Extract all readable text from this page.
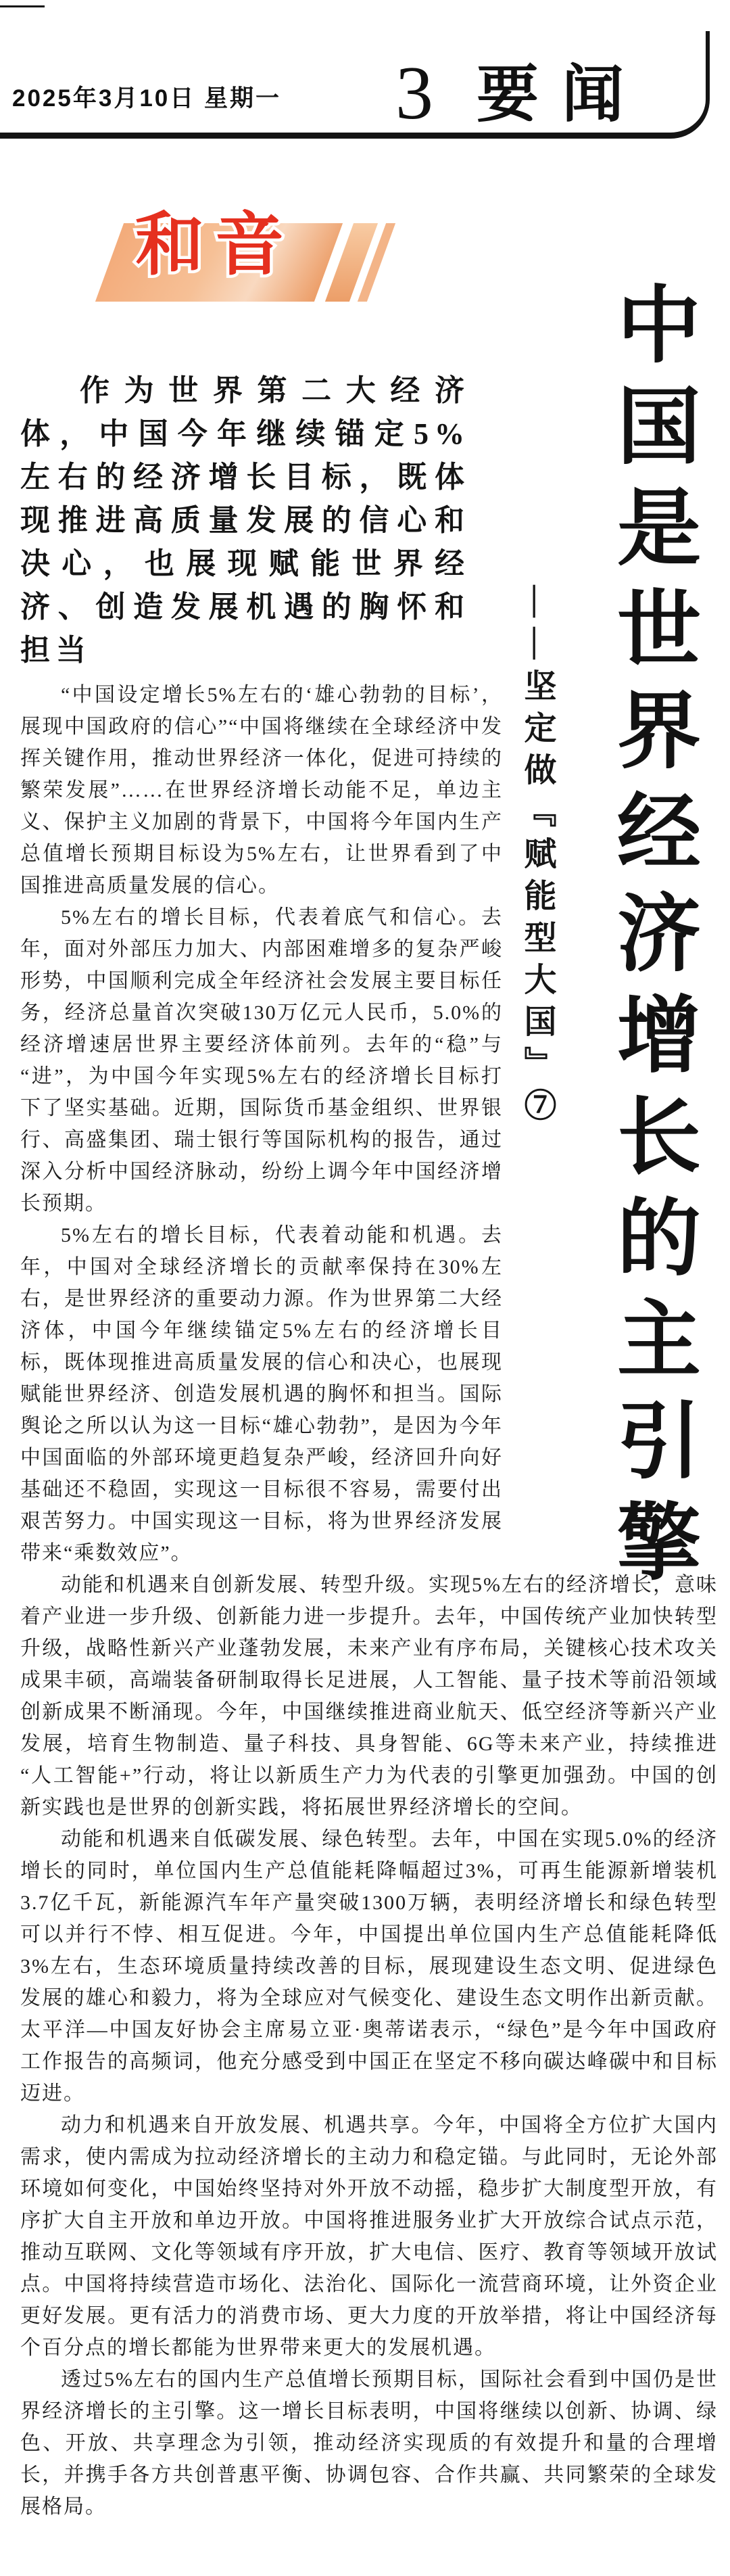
2025年3月10日 星期一 3 要闻
——坚定做『赋能型大国』⑦ 中国是世界经济增长的主引擎
和音

作为世界第二大经济体，中国今年继续锚定5%左右的经济增长目标，既体现推进高质量发展的信心和决心，也展现赋能世界经济、创造发展机遇的胸怀和担当

“中国设定增长5%左右的‘雄心勃勃的目标’，展现中国政府的信心”“中国将继续在全球经济中发挥关键作用，推动世界经济一体化，促进可持续的繁荣发展”……在世界经济增长动能不足，单边主义、保护主义加剧的背景下，中国将今年国内生产总值增长预期目标设为5%左右，让世界看到了中国推进高质量发展的信心。

5%左右的增长目标，代表着底气和信心。去年，面对外部压力加大、内部困难增多的复杂严峻形势，中国顺利完成全年经济社会发展主要目标任务，经济总量首次突破130万亿元人民币，5.0%的经济增速居世界主要经济体前列。去年的“稳”与“进”，为中国今年实现5%左右的经济增长目标打下了坚实基础。近期，国际货币基金组织、世界银行、高盛集团、瑞士银行等国际机构的报告，通过深入分析中国经济脉动，纷纷上调今年中国经济增长预期。

5%左右的增长目标，代表着动能和机遇。去年，中国对全球经济增长的贡献率保持在30%左右，是世界经济的重要动力源。作为世界第二大经济体，中国今年继续锚定5%左右的经济增长目标，既体现推进高质量发展的信心和决心，也展现赋能世界经济、创造发展机遇的胸怀和担当。国际舆论之所以认为这一目标“雄心勃勃”，是因为今年中国面临的外部环境更趋复杂严峻，经济回升向好基础还不稳固，实现这一目标很不容易，需要付出艰苦努力。中国实现这一目标，将为世界经济发展带来“乘数效应”。

动能和机遇来自创新发展、转型升级。实现5%左右的经济增长，意味着产业进一步升级、创新能力进一步提升。去年，中国传统产业加快转型升级，战略性新兴产业蓬勃发展，未来产业有序布局，关键核心技术攻关成果丰硕，高端装备研制取得长足进展，人工智能、量子技术等前沿领域创新成果不断涌现。今年，中国继续推进商业航天、低空经济等新兴产业发展，培育生物制造、量子科技、具身智能、6G等未来产业，持续推进“人工智能+”行动，将让以新质生产力为代表的引擎更加强劲。中国的创新实践也是世界的创新实践，将拓展世界经济增长的空间。

动能和机遇来自低碳发展、绿色转型。去年，中国在实现5.0%的经济增长的同时，单位国内生产总值能耗降幅超过3%，可再生能源新增装机3.7亿千瓦，新能源汽车年产量突破1300万辆，表明经济增长和绿色转型可以并行不悖、相互促进。今年，中国提出单位国内生产总值能耗降低3%左右，生态环境质量持续改善的目标，展现建设生态文明、促进绿色发展的雄心和毅力，将为全球应对气候变化、建设生态文明作出新贡献。太平洋—中国友好协会主席易立亚·奥蒂诺表示，“绿色”是今年中国政府工作报告的高频词，他充分感受到中国正在坚定不移向碳达峰碳中和目标迈进。

动力和机遇来自开放发展、机遇共享。今年，中国将全方位扩大国内需求，使内需成为拉动经济增长的主动力和稳定锚。与此同时，无论外部环境如何变化，中国始终坚持对外开放不动摇，稳步扩大制度型开放，有序扩大自主开放和单边开放。中国将推进服务业扩大开放综合试点示范，推动互联网、文化等领域有序开放，扩大电信、医疗、教育等领域开放试点。中国将持续营造市场化、法治化、国际化一流营商环境，让外资企业更好发展。更有活力的消费市场、更大力度的开放举措，将让中国经济每个百分点的增长都能为世界带来更大的发展机遇。

透过5%左右的国内生产总值增长预期目标，国际社会看到中国仍是世界经济增长的主引擎。这一增长目标表明，中国将继续以创新、协调、绿色、开放、共享理念为引领，推动经济实现质的有效提升和量的合理增长，并携手各方共创普惠平衡、协调包容、合作共赢、共同繁荣的全球发展格局。
